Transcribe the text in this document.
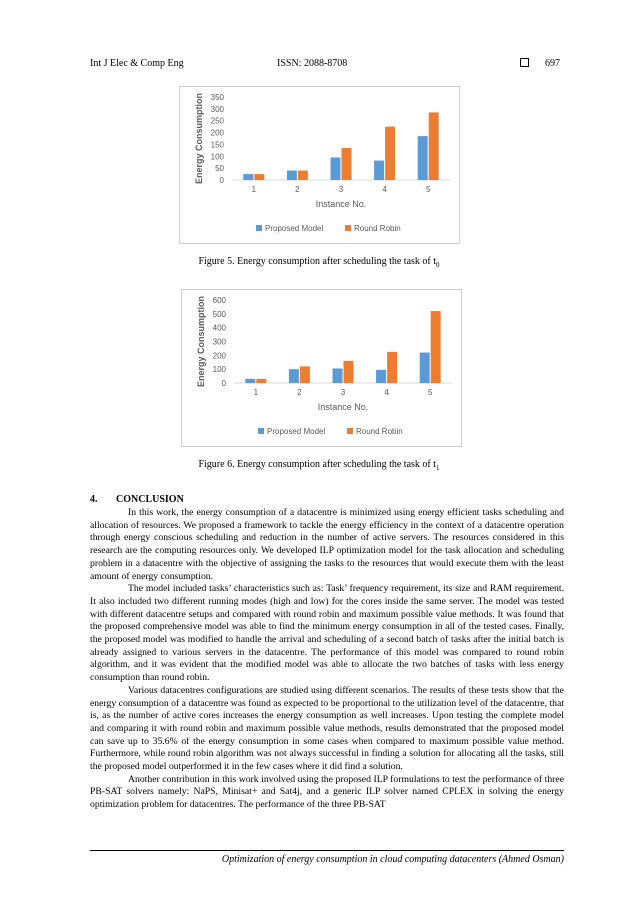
Int J Elec & Comp Eng	ISSN: 2088-8708	697
0
50
100
150
200
250
300
350
1	2	3	4	5
Instance No.
Energy Consumption
Proposed Model	Round Robin
Figure 5. Energy consumption after scheduling the task of $t_0$
0
100
200
300
400
500
600
1	2	3	4	5
Instance No.
Energy Consumption
Proposed Model	Round Robin
Figure 6. Energy consumption after scheduling the task of $t_1$
4. CONCLUSION

In this work, the energy consumption of a datacentre is minimized using energy efficient tasks scheduling and allocation of resources. We proposed a framework to tackle the energy efficiency in the context of a datacentre operation through energy conscious scheduling and reduction in the number of active servers. The resources considered in this research are the computing resources only. We developed ILP optimization model for the task allocation and scheduling problem in a datacentre with the objective of assigning the tasks to the resources that would execute them with the least amount of energy consumption.

The model included tasks’ characteristics such as: Task’ frequency requirement, its size and RAM requirement. It also included two different running modes (high and low) for the cores inside the same server. The model was tested with different datacentre setups and compared with round robin and maximum possible value methods. It was found that the proposed comprehensive model was able to find the minimum energy consumption in all of the tested cases. Finally, the proposed model was modified to handle the arrival and scheduling of a second batch of tasks after the initial batch is already assigned to various servers in the datacentre. The performance of this model was compared to round robin algorithm, and it was evident that the modified model was able to allocate the two batches of tasks with less energy consumption than round robin.

Various datacentres configurations are studied using different scenarios. The results of these tests show that the energy consumption of a datacentre was found as expected to be proportional to the utilization level of the datacentre, that is, as the number of active cores increases the energy consumption as well increases. Upon testing the complete model and comparing it with round robin and maximum possible value methods, results demonstrated that the proposed model can save up to 35.6% of the energy consumption in some cases when compared to maximum possible value method. Furthermore, while round robin algorithm was not always successful in finding a solution for allocating all the tasks, still the proposed model outperformed it in the few cases where it did find a solution.

Another contribution in this work involved using the proposed ILP formulations to test the performance of three PB-SAT solvers namely: NaPS, Minisat+ and Sat4j, and a generic ILP solver named CPLEX in solving the energy optimization problem for datacentres. The performance of the three PB-SAT

Optimization of energy consumption in cloud computing datacenters (Ahmed Osman)
